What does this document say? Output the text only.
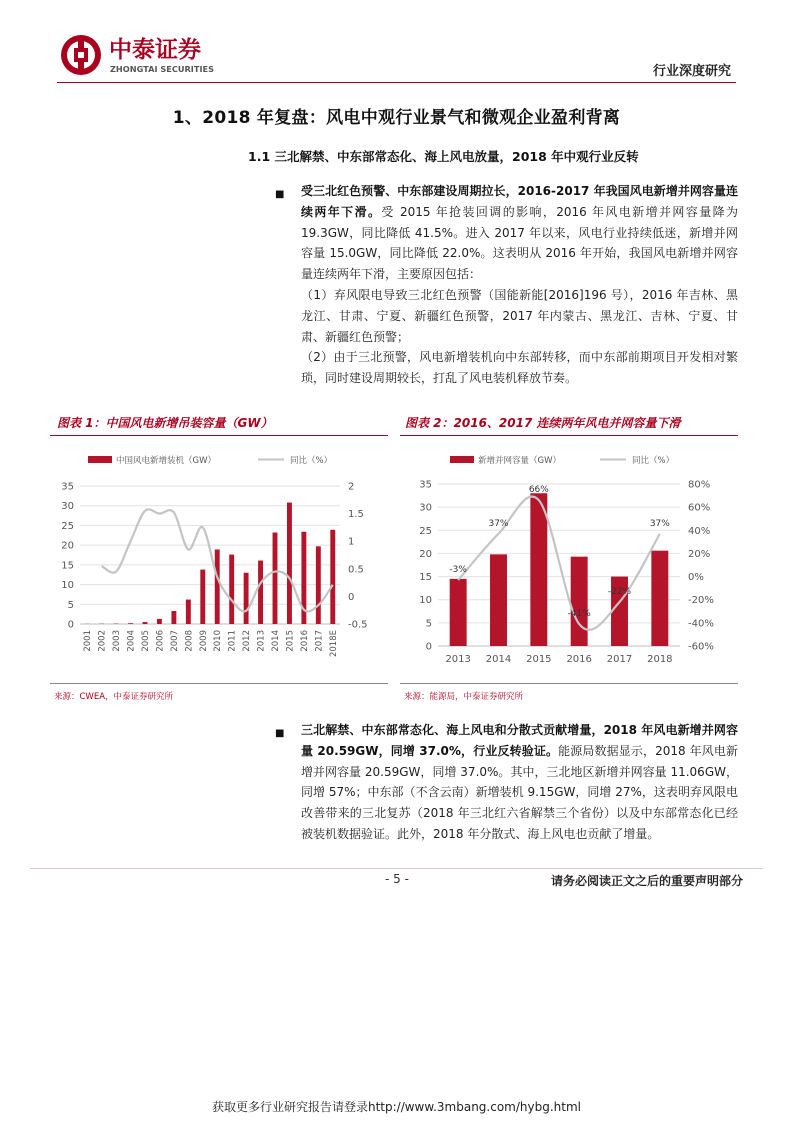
中泰证券
ZHONGTAI SECURITIES	行业深度研究
1、2018 年复盘：风电中观行业景气和微观企业盈利背离
1.1 三北解禁、中东部常态化、海上风电放量，2018 年中观行业反转
■ 受三北红色预警、中东部建设周期拉长，2016-2017 年我国风电新增并网容量连续两年下滑。受 2015 年抢装回调的影响，2016 年风电新增并网容量降为 19.3GW，同比降低 41.5%。进入 2017 年以来，风电行业持续低迷，新增并网容量 15.0GW，同比降低 22.0%。这表明从 2016 年开始，我国风电新增并网容量连续两年下滑，主要原因包括：

（1）弃风限电导致三北红色预警（国能新能[2016]196 号），2016 年吉林、黑龙江、甘肃、宁夏、新疆红色预警，2017 年内蒙古、黑龙江、吉林、宁夏、甘肃、新疆红色预警；

（2）由于三北预警，风电新增装机向中东部转移，而中东部前期项目开发相对繁琐，同时建设周期较长，打乱了风电装机释放节奏。

图表 1：中国风电新增吊装容量（GW）
中国风电新增装机（GW）	同比（%）
0
5
10
15
20
25
30
35
-0.5
0
0.5
1
1.5
2
2001 2002 2003 2004 2005 2006 2007 2008 2009 2010 2011 2012 2013 2014 2015 2016 2017 2018E
来源：CWEA，中泰证券研究所
图表 2：2016、2017 连续两年风电并网容量下滑
新增并网容量（GW）	同比（%）
0
5
10
15
20
25
30
35
-60%
-40%
-20%
0%
20%
40%
60%
80%
-3%
37%
66%
-41%
-22%
37%
2013 2014 2015 2016 2017 2018
来源：能源局，中泰证券研究所
■ 三北解禁、中东部常态化、海上风电和分散式贡献增量，2018 年风电新增并网容量 20.59GW，同增 37.0%，行业反转验证。能源局数据显示，2018 年风电新增并网容量 20.59GW，同增 37.0%。其中，三北地区新增并网容量 11.06GW，同增 57%；中东部（不含云南）新增装机 9.15GW，同增 27%，这表明弃风限电改善带来的三北复苏（2018 年三北红六省解禁三个省份）以及中东部常态化已经被装机数据验证。此外，2018 年分散式、海上风电也贡献了增量。

- 5 -	请务必阅读正文之后的重要声明部分
获取更多行业研究报告请登录http://www.3mbang.com/hybg.html
